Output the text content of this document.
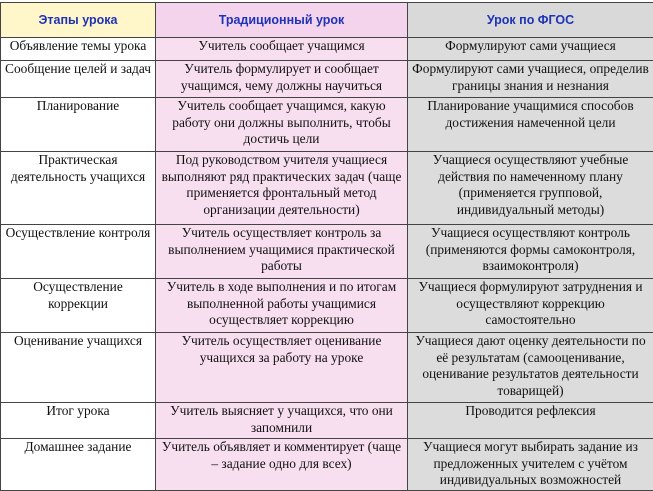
Этапы урока	Традиционный урок	Урок по ФГОС
Объявление темы урока	Учитель сообщает учащимся	Формулируют сами учащиеся
Сообщение целей и задач	Учитель формулирует и сообщает учащимся, чему должны научиться	Формулируют сами учащиеся, определив границы знания и незнания
Планирование	Учитель сообщает учащимся, какую работу они должны выполнить, чтобы достичь цели	Планирование учащимися способов достижения намеченной цели
Практическая деятельность учащихся	Под руководством учителя учащиеся выполняют ряд практических задач (чаще применяется фронтальный метод организации деятельности)	Учащиеся осуществляют учебные действия по намеченному плану (применяется групповой, индивидуальный методы)
Осуществление контроля	Учитель осуществляет контроль за выполнением учащимися практической работы	Учащиеся осуществляют контроль (применяются формы самоконтроля, взаимоконтроля)
Осуществление коррекции	Учитель в ходе выполнения и по итогам выполненной работы учащимися осуществляет коррекцию	Учащиеся формулируют затруднения и осуществляют коррекцию самостоятельно
Оценивание учащихся	Учитель осуществляет оценивание учащихся за работу на уроке	Учащиеся дают оценку деятельности по её результатам (самооценивание, оценивание результатов деятельности товарищей)
Итог урока	Учитель выясняет у учащихся, что они запомнили	Проводится рефлексия
Домашнее задание	Учитель объявляет и комментирует (чаще – задание одно для всех)	Учащиеся могут выбирать задание из предложенных учителем с учётом индивидуальных возможностей
